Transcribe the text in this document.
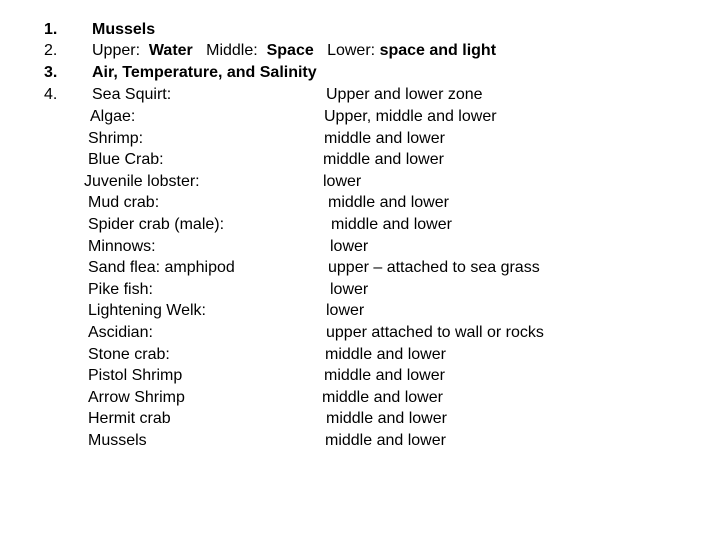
1. Mussels
2. Upper: Water Middle: Space Lower: space and light
3. Air, Temperature, and Salinity
4. Sea Squirt:	Upper and lower zone
Algae:	Upper, middle and lower
Shrimp:	middle and lower
Blue Crab:	middle and lower
Juvenile lobster:	lower
Mud crab:	middle and lower
Spider crab (male):	middle and lower
Minnows:	lower
Sand flea: amphipod	upper – attached to sea grass
Pike fish:	lower
Lightening Welk:	lower
Ascidian:	upper attached to wall or rocks
Stone crab:	middle and lower
Pistol Shrimp	middle and lower
Arrow Shrimp	middle and lower
Hermit crab	middle and lower
Mussels	middle and lower
